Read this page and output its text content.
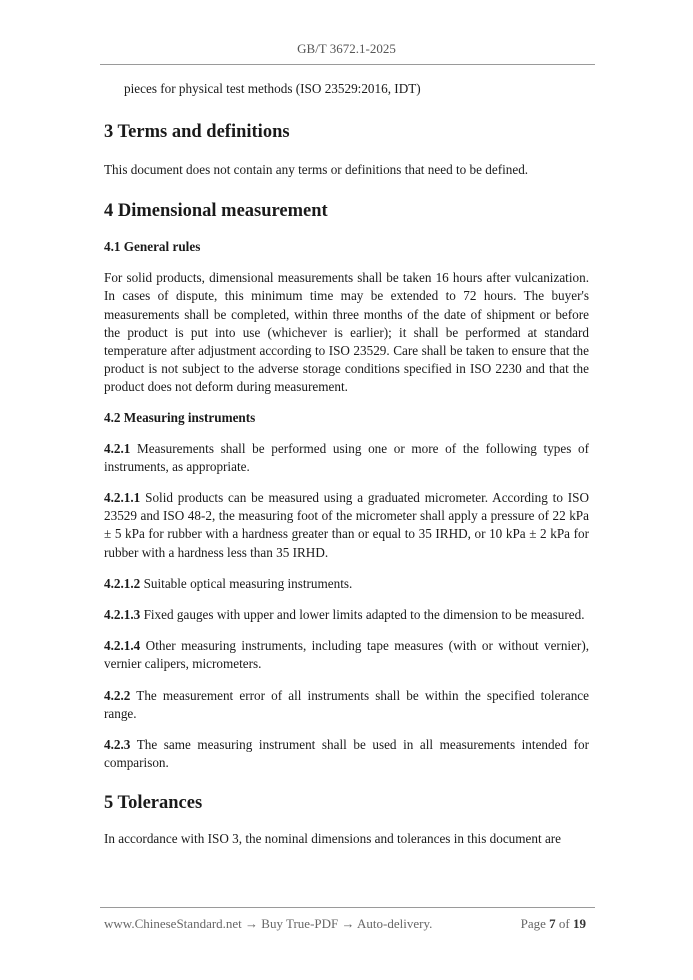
GB/T 3672.1-2025

pieces for physical test methods (ISO 23529:2016, IDT)

3 Terms and definitions

This document does not contain any terms or definitions that need to be defined.

4 Dimensional measurement
4.1 General rules

For solid products, dimensional measurements shall be taken 16 hours after vulcanization. In cases of dispute, this minimum time may be extended to 72 hours. The buyer's measurements shall be completed, within three months of the date of shipment or before the product is put into use (whichever is earlier); it shall be performed at standard temperature after adjustment according to ISO 23529. Care shall be taken to ensure that the product is not subject to the adverse storage conditions specified in ISO 2230 and that the product does not deform during measurement.

4.2 Measuring instruments

4.2.1 Measurements shall be performed using one or more of the following types of instruments, as appropriate.

4.2.1.1 Solid products can be measured using a graduated micrometer. According to ISO 23529 and ISO 48-2, the measuring foot of the micrometer shall apply a pressure of 22 kPa ± 5 kPa for rubber with a hardness greater than or equal to 35 IRHD, or 10 kPa ± 2 kPa for rubber with a hardness less than 35 IRHD.

4.2.1.2 Suitable optical measuring instruments.

4.2.1.3 Fixed gauges with upper and lower limits adapted to the dimension to be measured.

4.2.1.4 Other measuring instruments, including tape measures (with or without vernier), vernier calipers, micrometers.

4.2.2 The measurement error of all instruments shall be within the specified tolerance range.

4.2.3 The same measuring instrument shall be used in all measurements intended for comparison.

5 Tolerances

In accordance with ISO 3, the nominal dimensions and tolerances in this document are

www.ChineseStandard.net → Buy True-PDF → Auto-delivery.	Page 7 of 19
